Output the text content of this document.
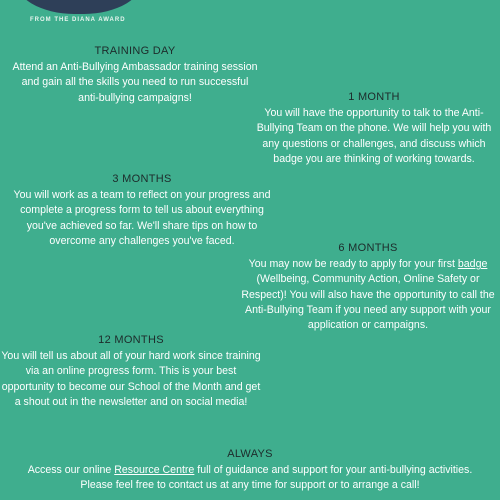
FROM THE DIANA AWARD
TRAINING DAY

Attend an Anti-Bullying Ambassador training session and gain all the skills you need to run successful anti-bullying campaigns!	1 MONTH

You will have the opportunity to talk to the Anti-Bullying Team on the phone. We will help you with any questions or challenges, and discuss which badge you are thinking of working towards.

3 MONTHS

You will work as a team to reflect on your progress and complete a progress form to tell us about everything you've achieved so far. We'll share tips on how to overcome any challenges you've faced.

6 MONTHS

You may now be ready to apply for your first badge (Wellbeing, Community Action, Online Safety or Respect)! You will also have the opportunity to call the Anti-Bullying Team if you need any support with your application or campaigns.

12 MONTHS

You will tell us about all of your hard work since training via an online progress form. This is your best opportunity to become our School of the Month and get a shout out in the newsletter and on social media!

ALWAYS

Access our online Resource Centre full of guidance and support for your anti-bullying activities.

Please feel free to contact us at any time for support or to arrange a call!
